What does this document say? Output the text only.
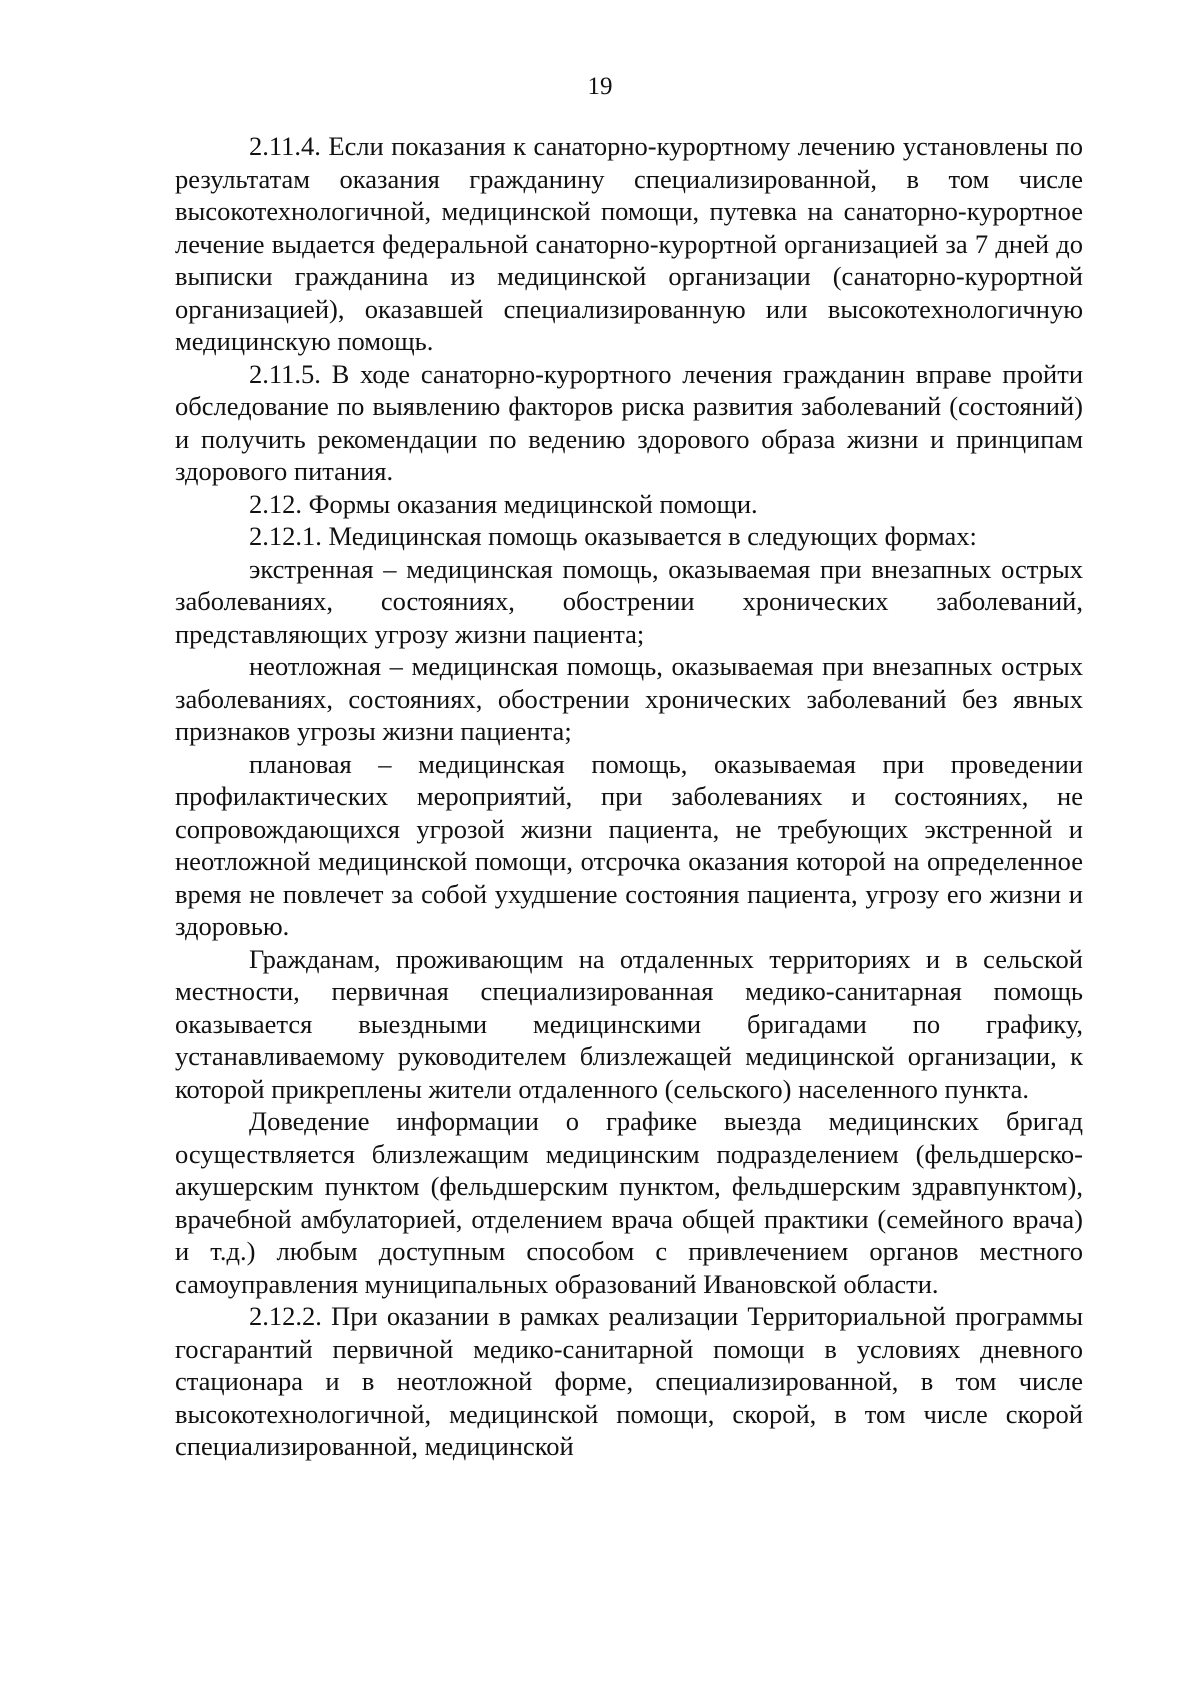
19

2.11.4. Если показания к санаторно-курортному лечению установлены по результатам оказания гражданину специализированной, в том числе высокотехнологичной, медицинской помощи, путевка на санаторно-курортное лечение выдается федеральной санаторно-курортной организацией за 7 дней до выписки гражданина из медицинской организации (санаторно-курортной организацией), оказавшей специализированную или высокотехнологичную медицинскую помощь.

2.11.5. В ходе санаторно-курортного лечения гражданин вправе пройти обследование по выявлению факторов риска развития заболеваний (состояний) и получить рекомендации по ведению здорового образа жизни и принципам здорового питания.

2.12. Формы оказания медицинской помощи.

2.12.1. Медицинская помощь оказывается в следующих формах:

экстренная – медицинская помощь, оказываемая при внезапных острых заболеваниях, состояниях, обострении хронических заболеваний, представляющих угрозу жизни пациента;

неотложная – медицинская помощь, оказываемая при внезапных острых заболеваниях, состояниях, обострении хронических заболеваний без явных признаков угрозы жизни пациента;

плановая – медицинская помощь, оказываемая при проведении профилактических мероприятий, при заболеваниях и состояниях, не сопровождающихся угрозой жизни пациента, не требующих экстренной и неотложной медицинской помощи, отсрочка оказания которой на определенное время не повлечет за собой ухудшение состояния пациента, угрозу его жизни и здоровью.

Гражданам, проживающим на отдаленных территориях и в сельской местности, первичная специализированная медико-санитарная помощь оказывается выездными медицинскими бригадами по графику, устанавливаемому руководителем близлежащей медицинской организации, к которой прикреплены жители отдаленного (сельского) населенного пункта.

Доведение информации о графике выезда медицинских бригад осуществляется близлежащим медицинским подразделением (фельдшерско-акушерским пунктом (фельдшерским пунктом, фельдшерским здравпунктом), врачебной амбулаторией, отделением врача общей практики (семейного врача) и т.д.) любым доступным способом с привлечением органов местного самоуправления муниципальных образований Ивановской области.

2.12.2. При оказании в рамках реализации Территориальной программы госгарантий первичной медико-санитарной помощи в условиях дневного стационара и в неотложной форме, специализированной, в том числе высокотехнологичной, медицинской помощи, скорой, в том числе скорой специализированной, медицинской
